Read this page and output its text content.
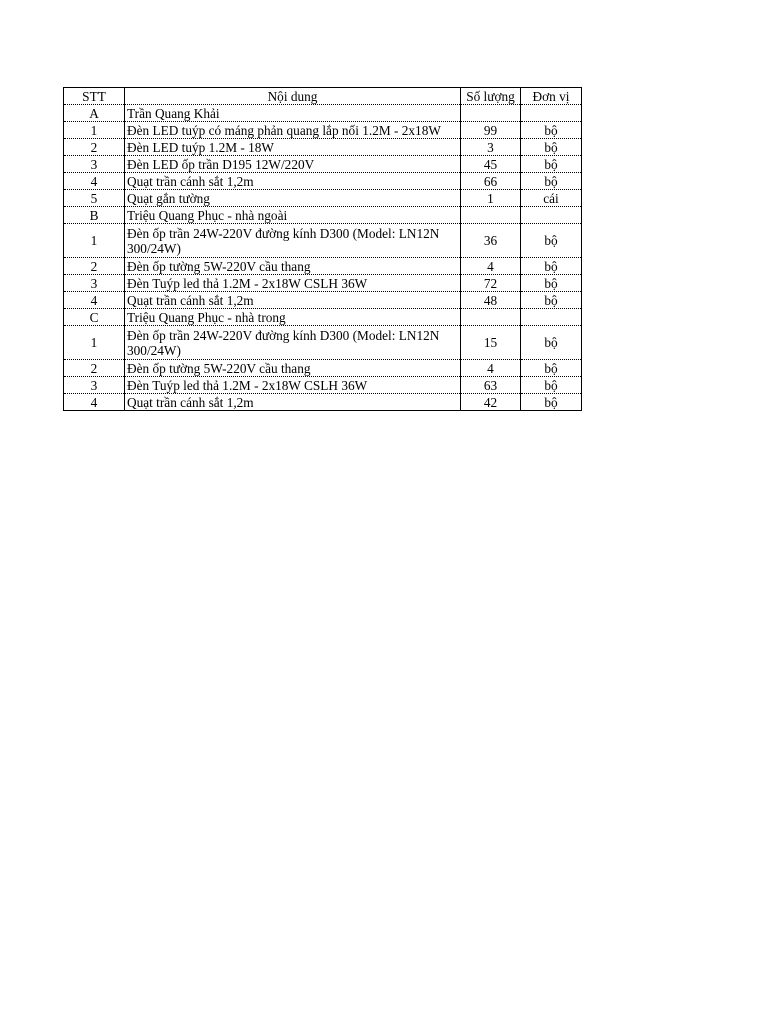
STT	Nội dung	Số lượng	Đơn vị
A	Trần Quang Khải		
1	Đèn LED tuýp có máng phản quang lắp nối 1.2M - 2x18W	99	bộ
2	Đèn LED tuýp 1.2M - 18W	3	bộ
3	Đèn LED ốp trần D195 12W/220V	45	bộ
4	Quạt trần cánh sắt 1,2m	66	bộ
5	Quạt gắn tường	1	cái
B	Triệu Quang Phục - nhà ngoài		
1	Đèn ốp trần 24W-220V đường kính D300 (Model: LN12N 300/24W)	36	bộ
2	Đèn ốp tường 5W-220V cầu thang	4	bộ
3	Đèn Tuýp led thả 1.2M - 2x18W CSLH 36W	72	bộ
4	Quạt trần cánh sắt 1,2m	48	bộ
C	Triệu Quang Phục - nhà trong		
1	Đèn ốp trần 24W-220V đường kính D300 (Model: LN12N 300/24W)	15	bộ
2	Đèn ốp tường 5W-220V cầu thang	4	bộ
3	Đèn Tuýp led thả 1.2M - 2x18W CSLH 36W	63	bộ
4	Quạt trần cánh sắt 1,2m	42	bộ
